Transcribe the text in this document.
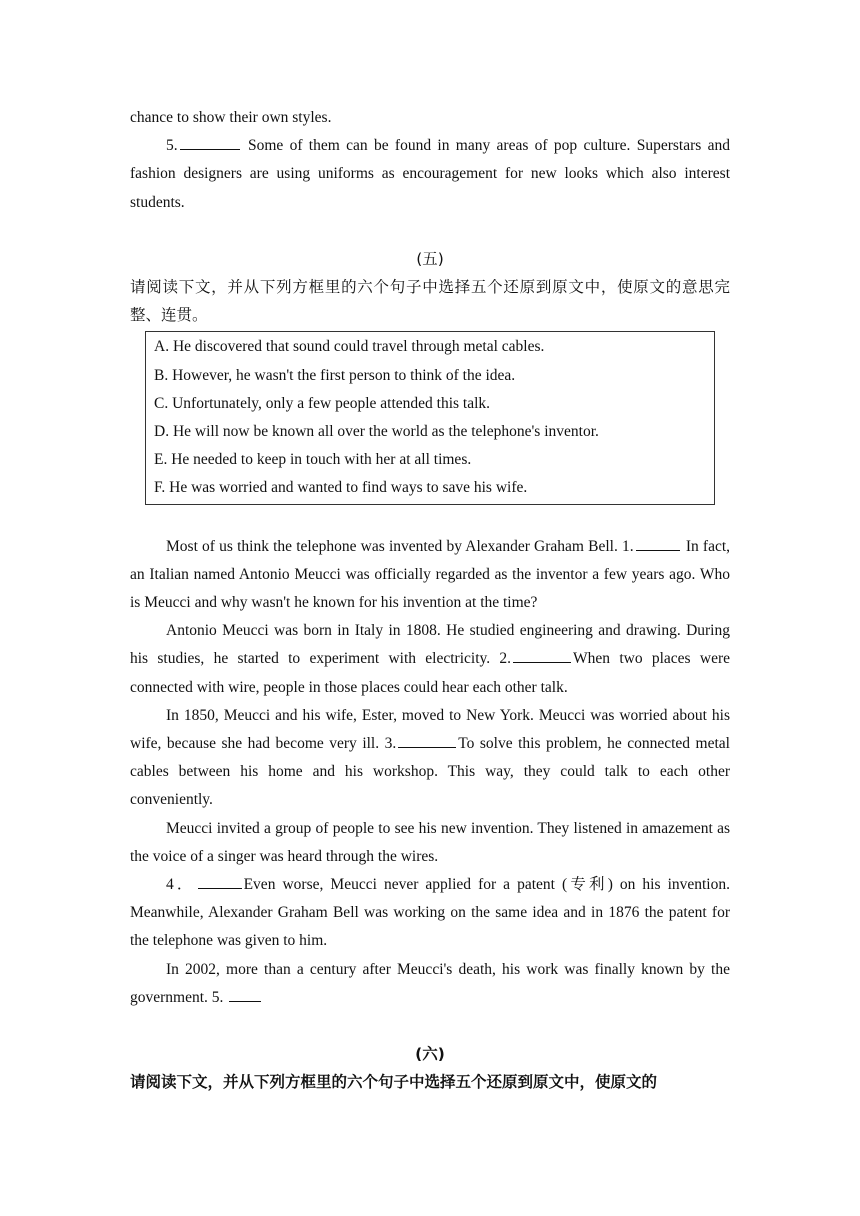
chance to show their own styles.

5.	Some of them can be found in many areas of pop culture. Superstars and fashion designers are using uniforms as encouragement for new looks which also interest students.

(五)

请阅读下文，并从下列方框里的六个句子中选择五个还原到原文中，使原文的意思完整、连贯。

A. He discovered that sound could travel through metal cables.

B. However, he wasn't the first person to think of the idea.

C. Unfortunately, only a few people attended this talk.

D. He will now be known all over the world as the telephone's inventor.

E. He needed to keep in touch with her at all times.

F. He was worried and wanted to find ways to save his wife.

Most of us think the telephone was invented by Alexander Graham Bell. 1.	In fact, an Italian named Antonio Meucci was officially regarded as the inventor a few years ago. Who is Meucci and why wasn't he known for his invention at the time?

Antonio Meucci was born in Italy in 1808. He studied engineering and drawing. During his studies, he started to experiment with electricity. 2.	When two places were connected with wire, people in those places could hear each other talk.

In 1850, Meucci and his wife, Ester, moved to New York. Meucci was worried about his wife, because she had become very ill. 3.	To solve this problem, he connected metal cables between his home and his workshop. This way, they could talk to each other conveniently.

Meucci invited a group of people to see his new invention. They listened in amazement as the voice of a singer was heard through the wires.

4．	Even worse, Meucci never applied for a patent (专利) on his invention. Meanwhile, Alexander Graham Bell was working on the same idea and in 1876 the patent for the telephone was given to him.

In 2002, more than a century after Meucci's death, his work was finally known by the government. 5.

(六)

请阅读下文，并从下列方框里的六个句子中选择五个还原到原文中，使原文的
